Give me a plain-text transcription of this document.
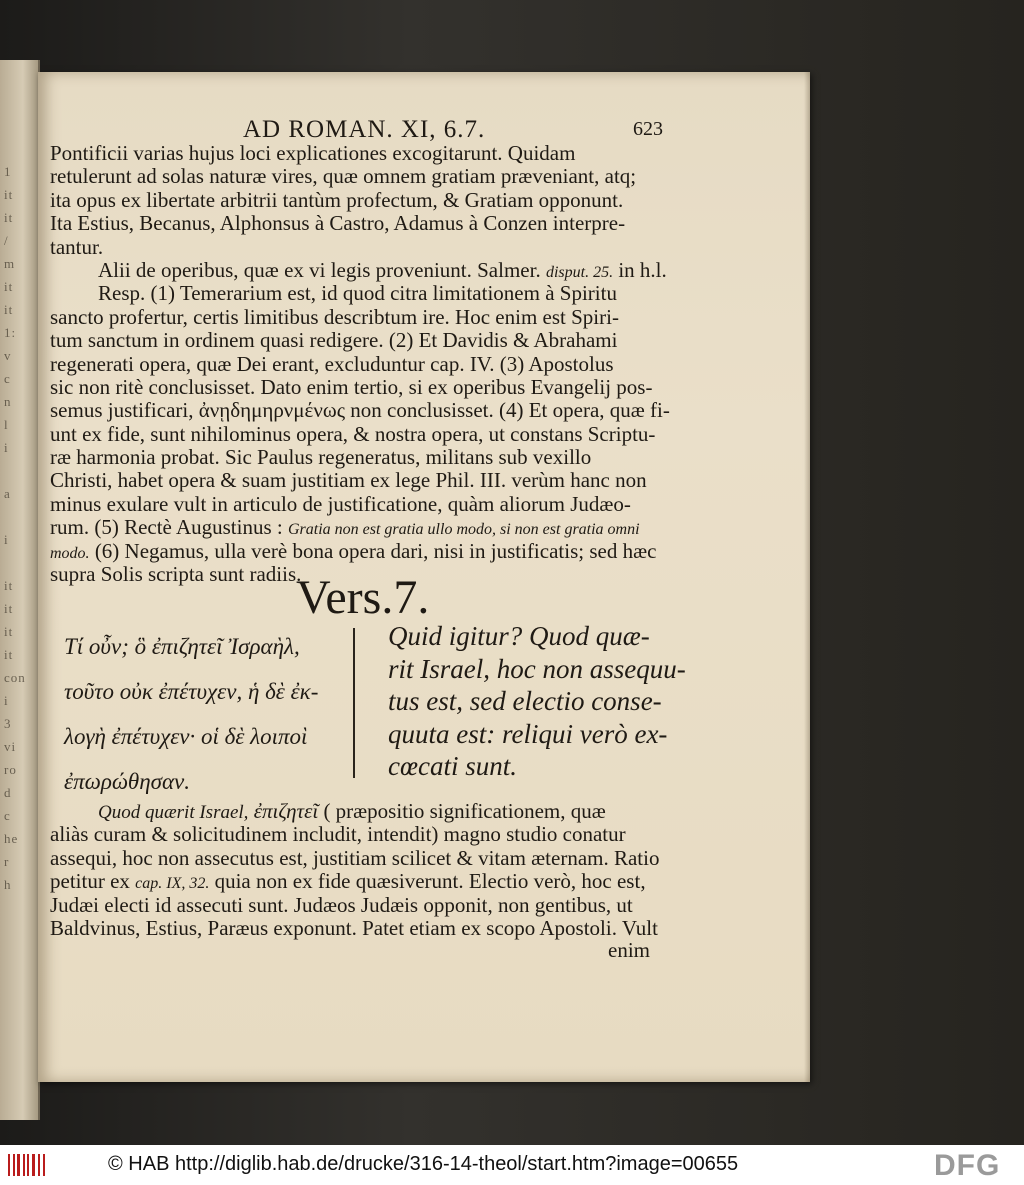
1
it
it
/
m
it
it
1:
v
c
n
l
i

a

i

it
it
it
it
con
i
3
vi
ro
d
c
he
r
h
AD ROMAN. XI, 6.7.	623
Pontificii varias hujus loci explicationes excogitarunt. Quidam
retulerunt ad solas naturæ vires, quæ omnem gratiam præveniant, atq;
ita opus ex libertate arbitrii tantùm profectum, & Gratiam opponunt.
Ita Estius, Becanus, Alphonsus à Castro, Adamus à Conzen interpre-
tantur.
Alii de operibus, quæ ex vi legis proveniunt. Salmer. disput. 25. in h.l.
Resp. (1) Temerarium est, id quod citra limitationem à Spiritu
sancto profertur, certis limitibus describtum ire. Hoc enim est Spiri-
tum sanctum in ordinem quasi redigere. (2) Et Davidis & Abrahami
regenerati opera, quæ Dei erant, excluduntur cap. IV. (3) Apostolus
sic non ritè conclusisset. Dato enim tertio, si ex operibus Evangelij pos-
semus justificari, ἀνῃδημηρνμένως non conclusisset. (4) Et opera, quæ fi-
unt ex fide, sunt nihilominus opera, & nostra opera, ut constans Scriptu-
ræ harmonia probat. Sic Paulus regeneratus, militans sub vexillo
Christi, habet opera & suam justitiam ex lege Phil. III. verùm hanc non
minus exulare vult in articulo de justificatione, quàm aliorum Judæo-
rum. (5) Rectè Augustinus : Gratia non est gratia ullo modo, si non est gratia omni
modo. (6) Negamus, ulla verè bona opera dari, nisi in justificatis; sed hæc
supra Solis scripta sunt radiis.
Vers.7.
Τί οὖν; ὃ ἐπιζητεῖ Ἰσραὴλ,
τοῦτο οὐκ ἐπέτυχεν, ἡ δὲ ἐκ-
λογὴ ἐπέτυχεν· οἱ δὲ λοιποὶ
ἐπωρώθησαν.
Quid igitur? Quod quæ-
rit Israel, hoc non assequu-
tus est, sed electio conse-
quuta est: reliqui verò ex-
cœcati sunt.
Quod quærit Israel, ἐπιζητεῖ ( præpositio significationem, quæ
aliàs curam & solicitudinem includit, intendit) magno studio conatur
assequi, hoc non assecutus est, justitiam scilicet & vitam æternam. Ratio
petitur ex cap. IX, 32. quia non ex fide quæsiverunt. Electio verò, hoc est,
Judæi electi id assecuti sunt. Judæos Judæis opponit, non gentibus, ut
Baldvinus, Estius, Paræus exponunt. Patet etiam ex scopo Apostoli. Vult
enim
© HAB http://diglib.hab.de/drucke/316-14-theol/start.htm?image=00655	DFG
